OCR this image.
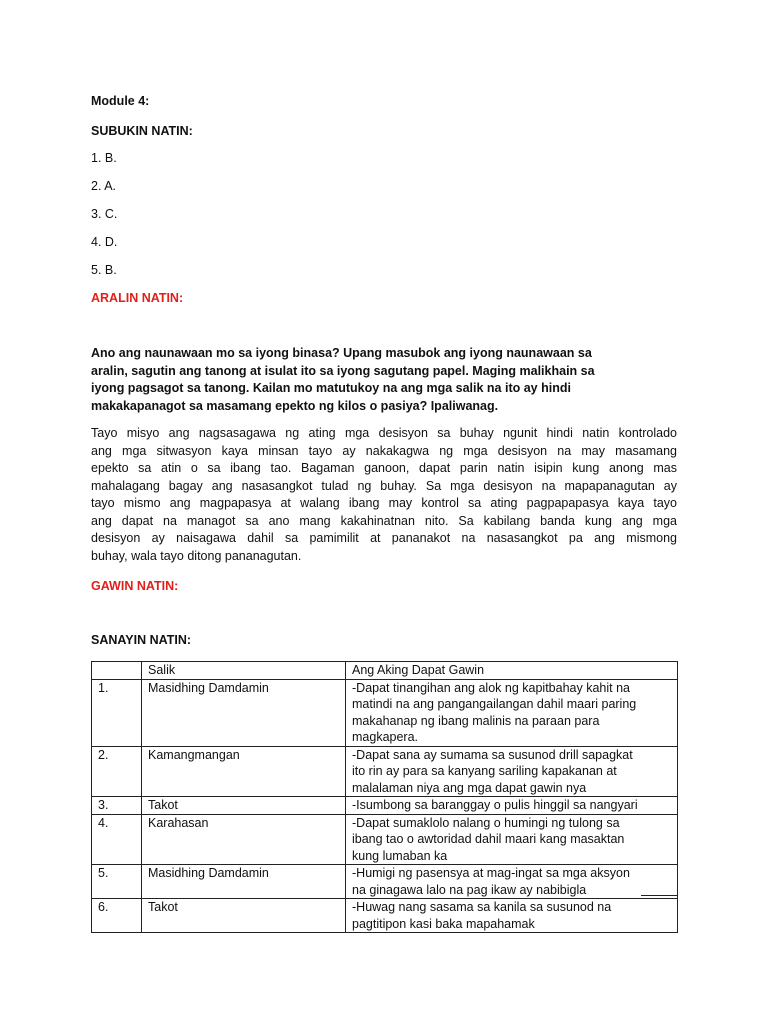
Module 4:
SUBUKIN NATIN:
1. B.
2. A.
3. C.
4. D.
5. B.
ARALIN NATIN:
Ano ang naunawaan mo sa iyong binasa? Upang masubok ang iyong naunawaan sa
aralin, sagutin ang tanong at isulat ito sa iyong sagutang papel. Maging malikhain sa
iyong pagsagot sa tanong. Kailan mo matutukoy na ang mga salik na ito ay hindi
makakapanagot sa masamang epekto ng kilos o pasiya? Ipaliwanag.
Tayo misyo ang nagsasagawa ng ating mga desisyon sa buhay ngunit hindi natin kontrolado
ang mga sitwasyon kaya minsan tayo ay nakakagwa ng mga desisyon na may masamang
epekto sa atin o sa ibang tao. Bagaman ganoon, dapat parin natin isipin kung anong mas
mahalagang bagay ang nasasangkot tulad ng buhay. Sa mga desisyon na mapapanagutan ay
tayo mismo ang magpapasya at walang ibang may kontrol sa ating pagpapapasya kaya tayo
ang dapat na managot sa ano mang kakahinatnan nito. Sa kabilang banda kung ang mga
desisyon ay naisagawa dahil sa pamimilit at pananakot na nasasangkot pa ang mismong
buhay, wala tayo ditong pananagutan.
GAWIN NATIN:
SANAYIN NATIN:
	Salik	Ang Aking Dapat Gawin
1.	Masidhing Damdamin	-Dapat tinangihan ang alok ng kapitbahay kahit na
matindi na ang pangangailangan dahil maari paring
makahanap ng ibang malinis na paraan para
magkapera.

2.	Kamangmangan	-Dapat sana ay sumama sa susunod drill sapagkat
ito rin ay para sa kanyang sariling kapakanan at
malalaman niya ang mga dapat gawin nya

3.	Takot	-Isumbong sa baranggay o pulis hinggil sa nangyari

4.	Karahasan	-Dapat sumaklolo nalang o humingi ng tulong sa
ibang tao o awtoridad dahil maari kang masaktan
kung lumaban ka

5.	Masidhing Damdamin	-Humigi ng pasensya at mag-ingat sa mga aksyon
na ginagawa lalo na pag ikaw ay nabibigla

6.	Takot	-Huwag nang sasama sa kanila sa susunod na
pagtitipon kasi baka mapahamak
